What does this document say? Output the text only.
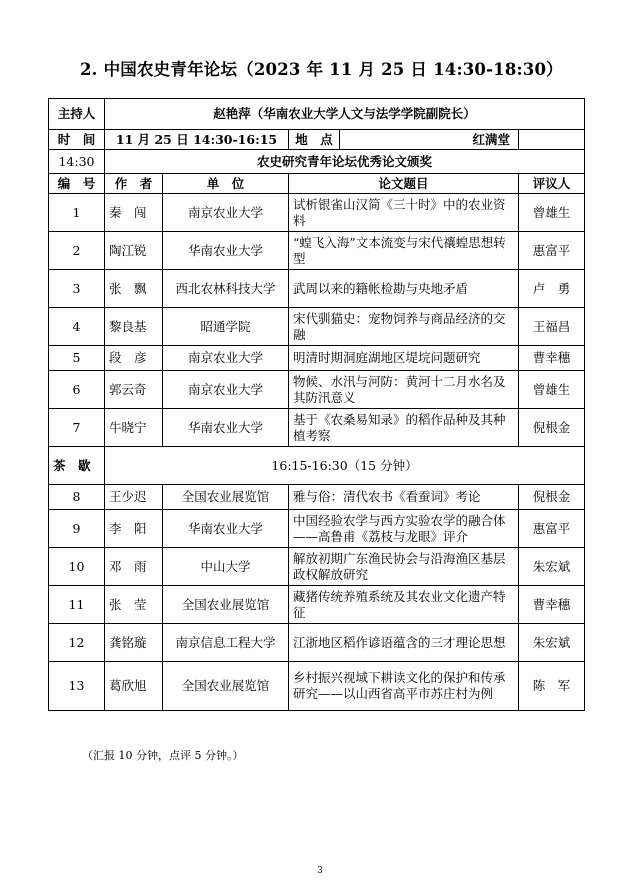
2. 中国农史青年论坛（2023 年 11 月 25 日 14:30-18:30）
主持人	赵艳萍（华南农业大学人文与法学学院副院长）			
时　间	11 月 25 日 14:30-16:15		地　点 红满堂	

14:30	农史研究青年论坛优秀论文颁奖			
编　号	作　者	单　位	论文题目	评议人
1	秦　闯	南京农业大学	试析银雀山汉简《三十时》中的农业资料	曾雄生
2	陶江锐	华南农业大学	“蝗飞入海”文本流变与宋代禳蝗思想转型	惠富平
3	张　飘	西北农林科技大学	武周以来的籍帐检勘与央地矛盾	卢　勇
4	黎良基	昭通学院	宋代驯猫史：宠物饲养与商品经济的交融	王福昌
5	段　彦	南京农业大学	明清时期洞庭湖地区堤垸问题研究	曹幸穗
6	郭云奇	南京农业大学	物候、水汛与河防：黄河十二月水名及其防汛意义	曾雄生
7	牛晓宁	华南农业大学	基于《农桑易知录》的稻作品种及其种植考察	倪根金
茶　歇	16:15-16:30（15 分钟）			
8	王少迟	全国农业展览馆	雅与俗：清代农书《看蚕词》考论	倪根金
9	李　阳	华南农业大学	中国经验农学与西方实验农学的融合体——高鲁甫《荔枝与龙眼》评介	惠富平
10	邓　雨	中山大学	解放初期广东渔民协会与沿海渔区基层政权解放研究	朱宏斌
11	张　莹	全国农业展览馆	藏猪传统养殖系统及其农业文化遗产特征	曹幸穗
12	龚铭璇	南京信息工程大学	江浙地区稻作谚语蕴含的三才理论思想	朱宏斌
13	葛欣旭	全国农业展览馆	乡村振兴视域下耕读文化的保护和传承研究——以山西省高平市苏庄村为例	陈　军
（汇报 10 分钟，点评 5 分钟。）
3
